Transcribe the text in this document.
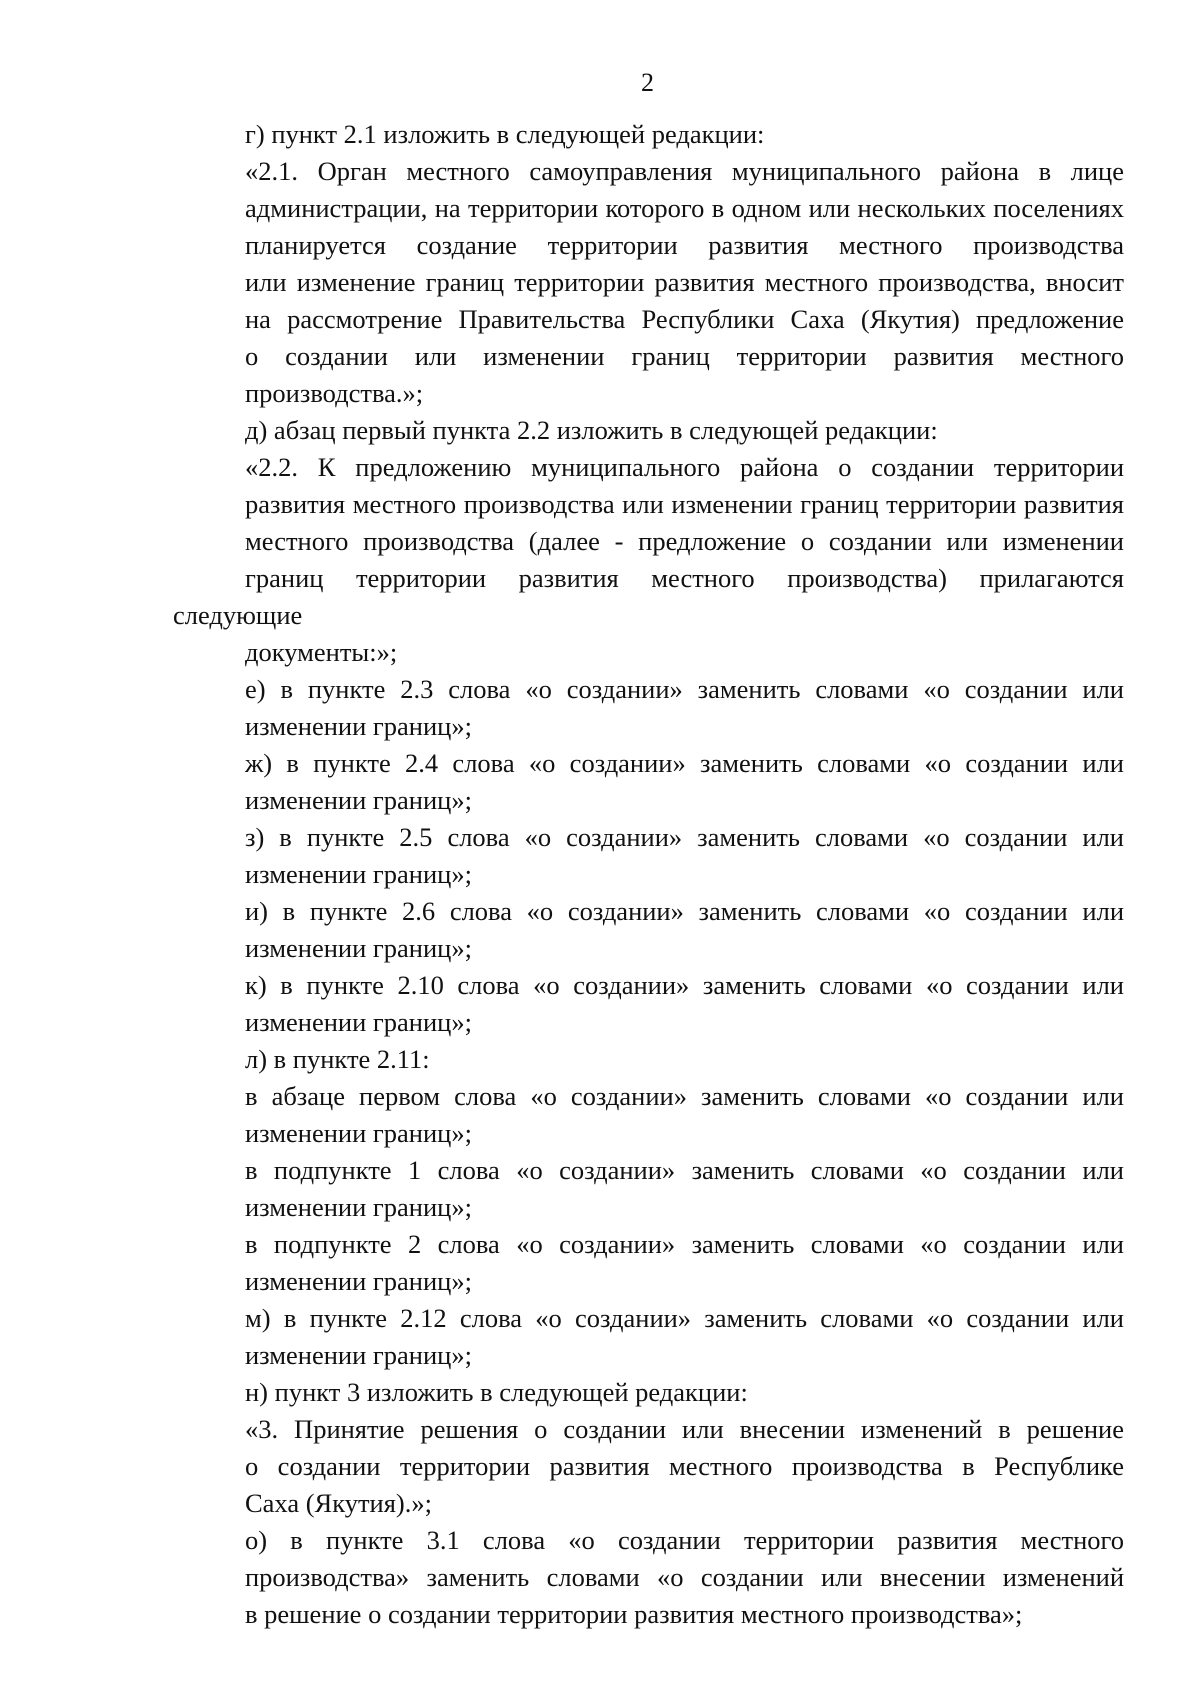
2
г) пункт 2.1 изложить в следующей редакции:
«2.1. Орган местного самоуправления муниципального района в лице
администрации, на территории которого в одном или нескольких поселениях
планируется создание территории развития местного производства
или изменение границ территории развития местного производства, вносит
на рассмотрение Правительства Республики Саха (Якутия) предложение
о создании или изменении границ территории развития местного
производства.»;
д) абзац первый пункта 2.2 изложить в следующей редакции:
«2.2. К предложению муниципального района о создании территории
развития местного производства или изменении границ территории развития
местного производства (далее - предложение о создании или изменении
границ территории развития местного производства) прилагаются следующие
документы:»;
е) в пункте 2.3 слова «о создании» заменить словами «о создании или
изменении границ»;
ж) в пункте 2.4 слова «о создании» заменить словами «о создании или
изменении границ»;
з) в пункте 2.5 слова «о создании» заменить словами «о создании или
изменении границ»;
и) в пункте 2.6 слова «о создании» заменить словами «о создании или
изменении границ»;
к) в пункте 2.10 слова «о создании» заменить словами «о создании или
изменении границ»;
л) в пункте 2.11:
в абзаце первом слова «о создании» заменить словами «о создании или
изменении границ»;
в подпункте 1 слова «о создании» заменить словами «о создании или
изменении границ»;
в подпункте 2 слова «о создании» заменить словами «о создании или
изменении границ»;
м) в пункте 2.12 слова «о создании» заменить словами «о создании или
изменении границ»;
н) пункт 3 изложить в следующей редакции:
«3. Принятие решения о создании или внесении изменений в решение
о создании территории развития местного производства в Республике
Саха (Якутия).»;
о) в пункте 3.1 слова «о создании территории развития местного
производства» заменить словами «о создании или внесении изменений
в решение о создании территории развития местного производства»;
